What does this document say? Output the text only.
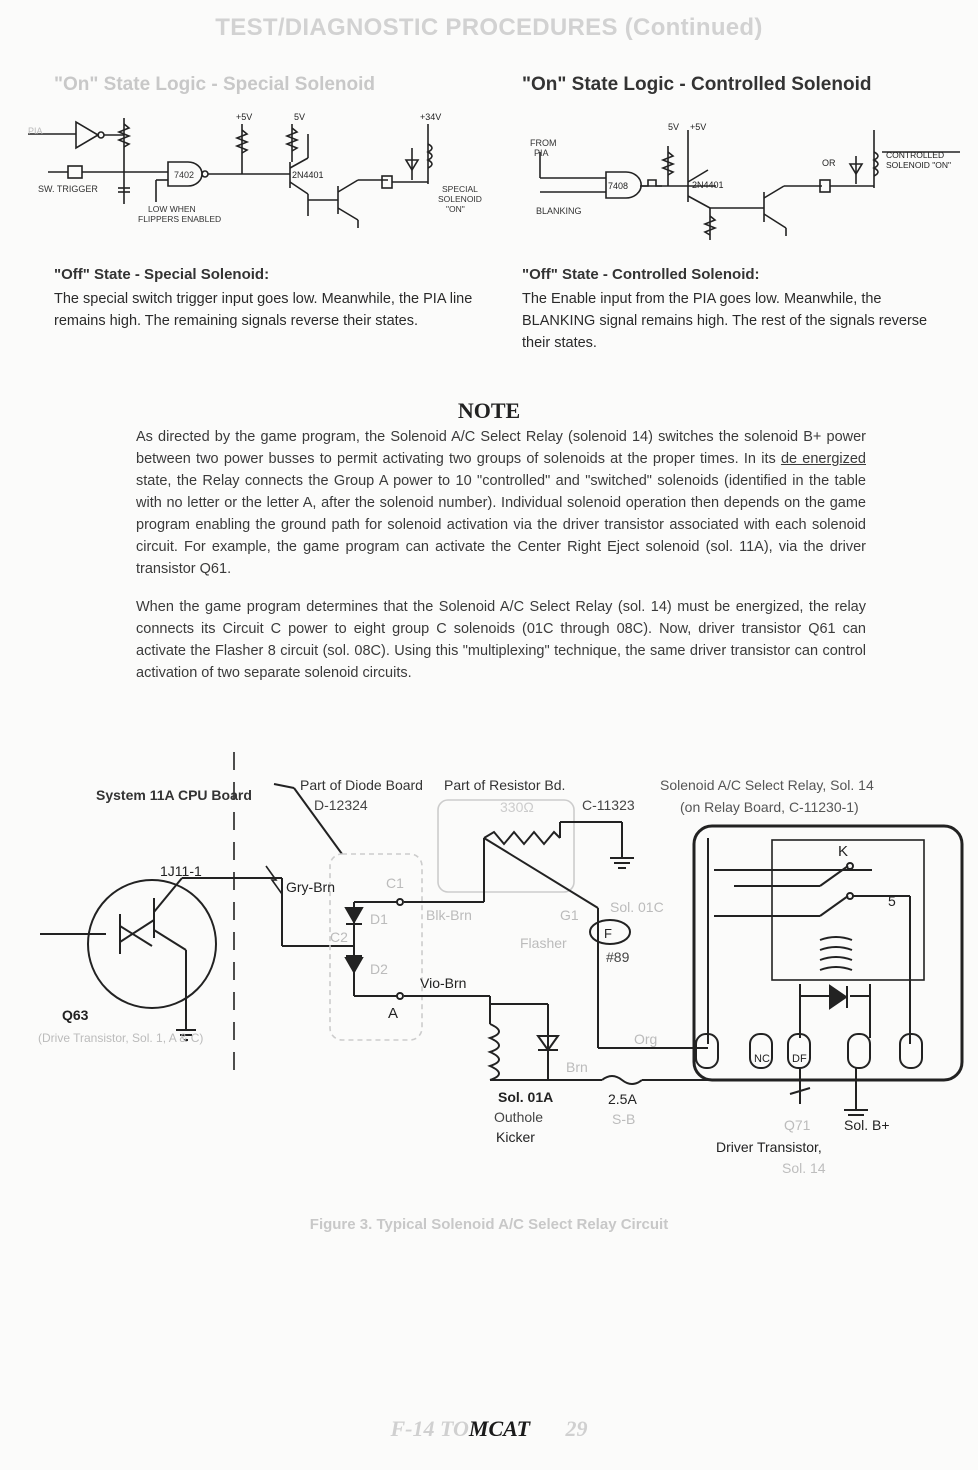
TEST/DIAGNOSTIC PROCEDURES (Continued)
"On" State Logic - Special Solenoid
PIA
SW. TRIGGER
7402
LOW WHEN
FLIPPERS ENABLED
+5V	5V
2N4401
+34V
SPECIAL
SOLENOID
"ON"
"Off" State - Special Solenoid:
The special switch trigger input goes low. Meanwhile, the PIA line remains high. The remaining signals reverse their states.
"On" State Logic - Controlled Solenoid
FROM
PIA
BLANKING
7408
5V +5V
2N4401
OR
CONTROLLED
SOLENOID "ON"
"Off" State - Controlled Solenoid:
The Enable input from the PIA goes low. Meanwhile, the BLANKING signal remains high. The rest of the signals reverse their states.
NOTE

As directed by the game program, the Solenoid A/C Select Relay (solenoid 14) switches the solenoid B+ power between two power busses to permit activating two groups of solenoids at the proper times. In its de energized state, the Relay connects the Group A power to 10 "controlled" and "switched" solenoids (identified in the table with no letter or the letter A, after the solenoid number). Individual solenoid operation then depends on the game program enabling the ground path for solenoid activation via the driver transistor associated with each solenoid circuit. For example, the game program can activate the Center Right Eject solenoid (sol. 11A), via the driver transistor Q61.

When the game program determines that the Solenoid A/C Select Relay (sol. 14) must be energized, the relay connects its Circuit C power to eight group C solenoids (01C through 08C). Now, driver transistor Q61 can activate the Flasher 8 circuit (sol. 08C). Using this "multiplexing" technique, the same driver transistor can control activation of two separate solenoid circuits.

System 11A CPU Board
1J11-1
Gry-Brn
Q63
(Drive Transistor, Sol. 1, A & C)
Part of Diode Board
D-12324
Part of Resistor Bd.
330Ω	C-11323
Solenoid A/C Select Relay, Sol. 14
(on Relay Board, C-11230-1)
C1
C2
D1
D2
A
Vio-Brn
Blk-Brn	G1 Sol. 01C
Flasher
#89
F
K
5
NC DF
Org
Brn
Sol. 01A
Outhole
Kicker
2.5A
S-B	Q71 Sol. B+
Driver Transistor,
Sol. 14
Figure 3. Typical Solenoid A/C Select Relay Circuit
F-14 TOMCAT 29
